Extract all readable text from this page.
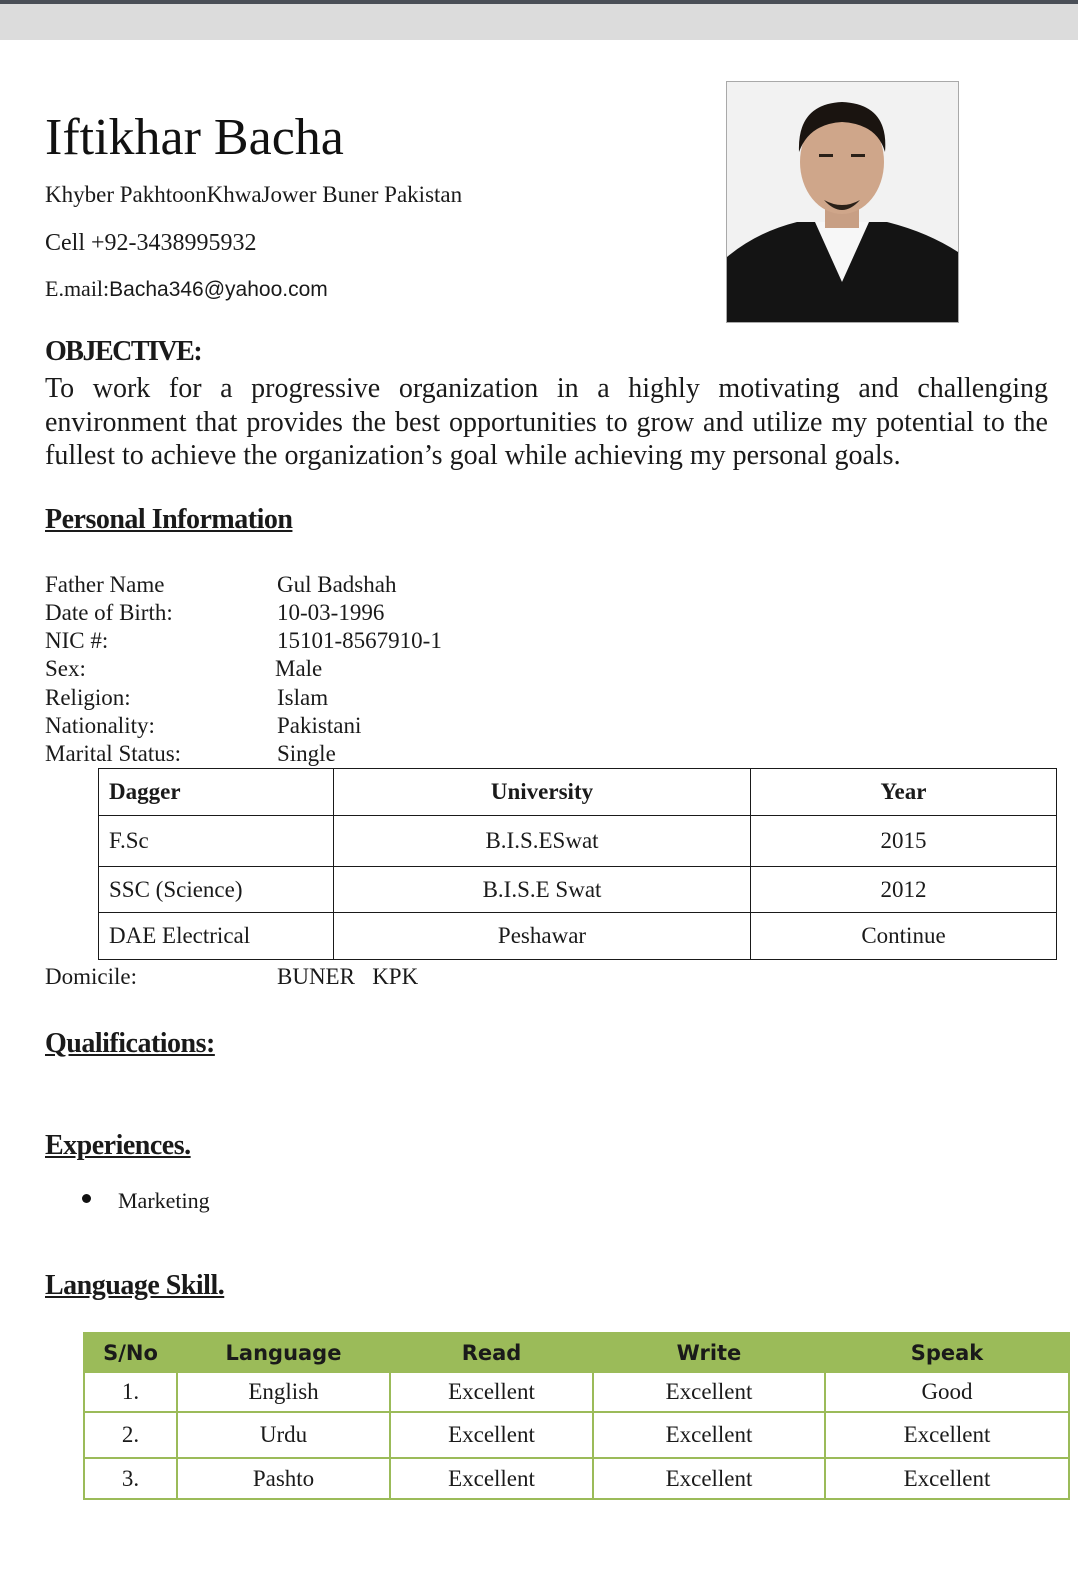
Iftikhar Bacha
Khyber PakhtoonKhwaJower Buner Pakistan
Cell +92-3438995932
E.mail:Bacha346@yahoo.com
OBJECTIVE:
To work for a progressive organization in a highly motivating and challenging environment that provides the best opportunities to grow and utilize my potential to the fullest to achieve the organization’s goal while achieving my personal goals.
Personal Information
Father Name	Gul Badshah
Date of Birth:	10-03-1996
NIC #:	15101-8567910-1
Sex:	Male
Religion:	Islam
Nationality:	Pakistani
Marital Status:	Single
Dagger	University	Year
F.Sc	B.I.S.ESwat	2015
SSC (Science)	B.I.S.E Swat	2012
DAE Electrical	Peshawar	Continue
Domicile:	BUNER   KPK
Qualifications:
Experiences.
Marketing
Language Skill.
S/No	Language	Read	Write	Speak
1.	English	Excellent	Excellent	Good
2.	Urdu	Excellent	Excellent	Excellent
3.	Pashto	Excellent	Excellent	Excellent
